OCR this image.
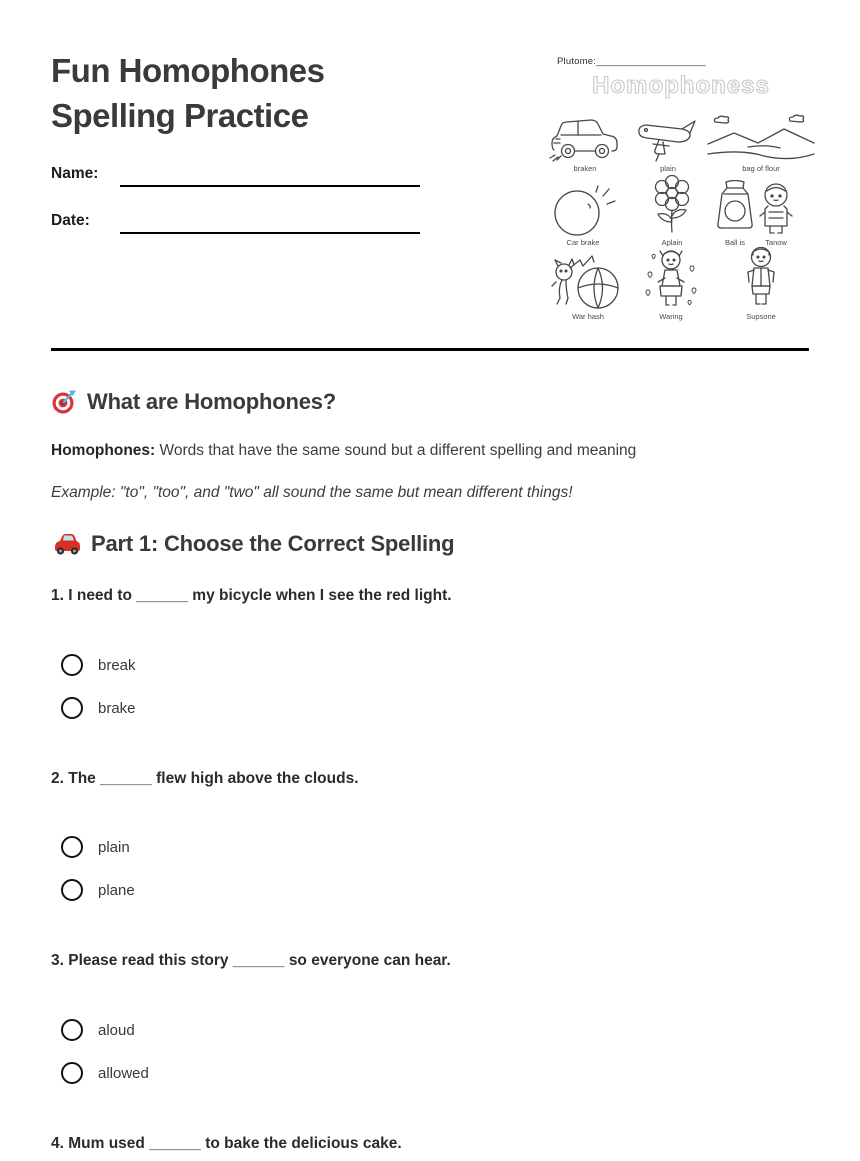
Fun Homophones
Spelling Practice
Name:
Date:
Plutome:____________________
Homophoness
braken	plain	bag of flour
Car brake	Aplain	Ball is	Tanow
War hash	Waring	Supsone
What are Homophones?
Homophones: Words that have the same sound but a different spelling and meaning
Example: "to", "too", and "two" all sound the same but mean different things!
Part 1: Choose the Correct Spelling
1. I need to ______ my bicycle when I see the red light.
break
brake
2. The ______ flew high above the clouds.
plain
plane
3. Please read this story ______ so everyone can hear.
aloud
allowed
4. Mum used ______ to bake the delicious cake.
